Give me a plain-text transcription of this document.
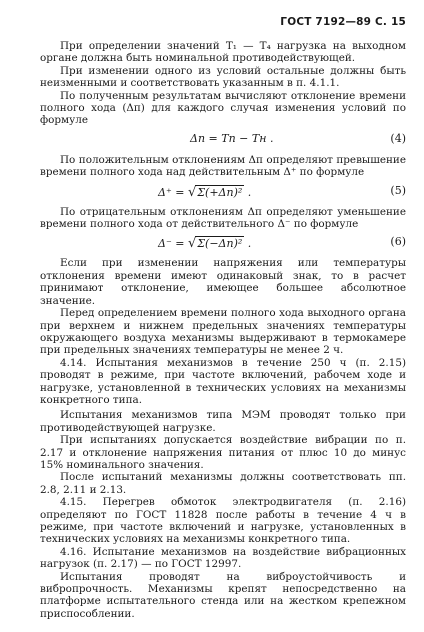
ГОСТ 7192—89 С. 15

При определении значений T₁ — T₄ нагрузка на выходном органе должна быть номинальной противодействующей.

При изменении одного из условий остальные должны быть неизменными и соответствовать указанным в п. 4.1.1.

По полученным результатам вычисляют отклонение времени полного хода (Δп) для каждого случая изменения условий по формуле

Δп = Tп − Tн .	(4)

По положительным отклонениям Δп определяют превышение времени полного хода над действительным Δ⁺ по формуле

Δ⁺ = √Σ(+Δп)² .	(5)

По отрицательным отклонениям Δп определяют уменьшение времени полного хода от действительного Δ⁻ по формуле

Δ⁻ = √Σ(−Δп)² .	(6)

Если при изменении напряжения или температуры отклонения времени имеют одинаковый знак, то в расчет принимают отклонение, имеющее большее абсолютное значение.

Перед определением времени полного хода выходного органа при верхнем и нижнем предельных значениях температуры окружающего воздуха механизмы выдерживают в термокамере при предельных значениях температуры не менее 2 ч.

4.14. Испытания механизмов в течение 250 ч (п. 2.15) проводят в режиме, при частоте включений, рабочем ходе и нагрузке, установленной в технических условиях на механизмы конкретного типа.

Испытания механизмов типа МЭМ проводят только при противодействующей нагрузке.

При испытаниях допускается воздействие вибрации по п. 2.17 и отклонение напряжения питания от плюс 10 до минус 15% номинального значения.

После испытаний механизмы должны соответствовать пп. 2.8, 2.11 и 2.13.

4.15. Перегрев обмоток электродвигателя (п. 2.16) определяют по ГОСТ 11828 после работы в течение 4 ч в режиме, при частоте включений и нагрузке, установленных в технических условиях на механизмы конкретного типа.

4.16. Испытание механизмов на воздействие вибрационных нагрузок (п. 2.17) — по ГОСТ 12997.

Испытания проводят на виброустойчивость и вибропрочность. Механизмы крепят непосредственно на платформе испытательного стенда или на жестком крепежном приспособлении.
